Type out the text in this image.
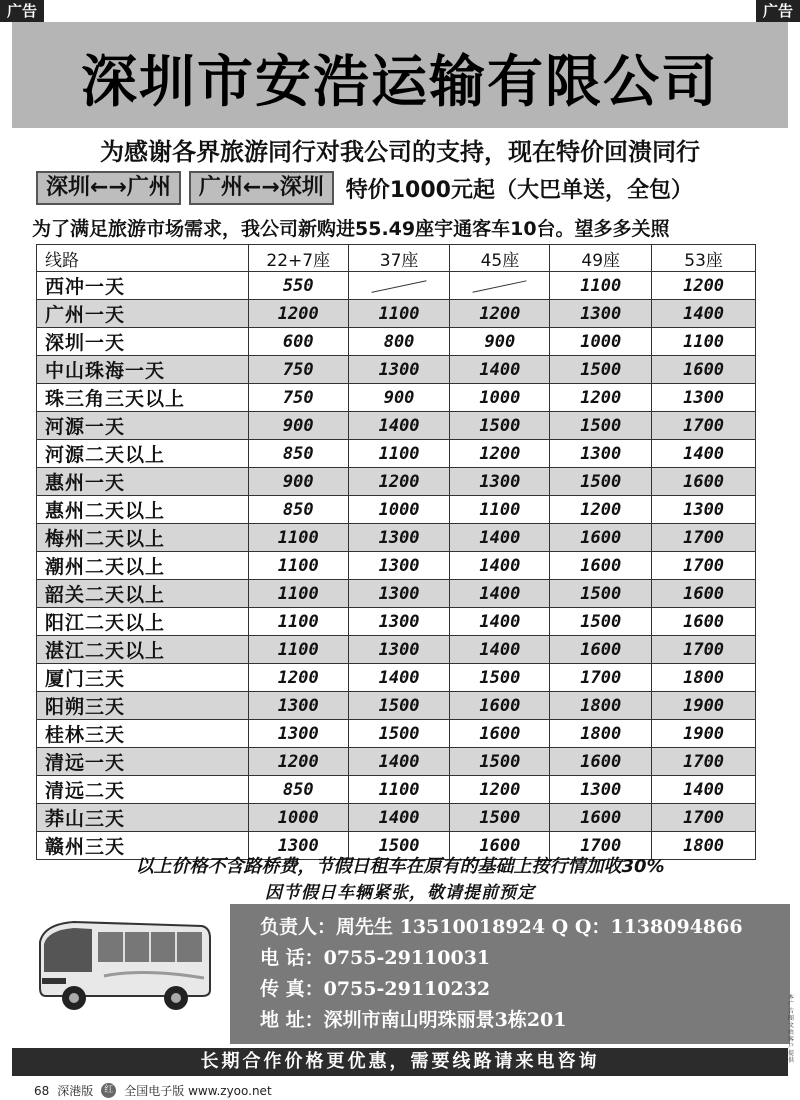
广告	广告
深圳市安浩运输有限公司
为感谢各界旅游同行对我公司的支持，现在特价回溃同行
深圳←→广州	广州←→深圳	特价1000元起（大巴单送，全包）
为了满足旅游市场需求，我公司新购进55.49座宇通客车10台。望多多关照
线路	22+7座	37座	45座	49座	53座
西冲一天	550			1100	1200
广州一天	1200	1100	1200	1300	1400
深圳一天	600	800	900	1000	1100
中山珠海一天	750	1300	1400	1500	1600
珠三角三天以上	750	900	1000	1200	1300
河源一天	900	1400	1500	1500	1700
河源二天以上	850	1100	1200	1300	1400
惠州一天	900	1200	1300	1500	1600
惠州二天以上	850	1000	1100	1200	1300
梅州二天以上	1100	1300	1400	1600	1700
潮州二天以上	1100	1300	1400	1600	1700
韶关二天以上	1100	1300	1400	1500	1600
阳江二天以上	1100	1300	1400	1500	1600
湛江二天以上	1100	1300	1400	1600	1700
厦门三天	1200	1400	1500	1700	1800
阳朔三天	1300	1500	1600	1800	1900
桂林三天	1300	1500	1600	1800	1900
清远一天	1200	1400	1500	1600	1700
清远二天	850	1100	1200	1300	1400
莽山三天	1000	1400	1500	1600	1700
赣州三天	1300	1500	1600	1700	1800
以上价格不含路桥费，节假日租车在原有的基础上按行情加收30%
因节假日车辆紧张，敬请提前预定
负责人：周先生 13510018924 Q Q：1138094866
电 话：0755-29110031
传 真：0755-29110232
地 址：深圳市南山明珠丽景3栋201
本广告图文由客户提供
长期合作价格更优惠，需要线路请来电咨询
68 深港版	红 全国电子版 www.zyoo.net
